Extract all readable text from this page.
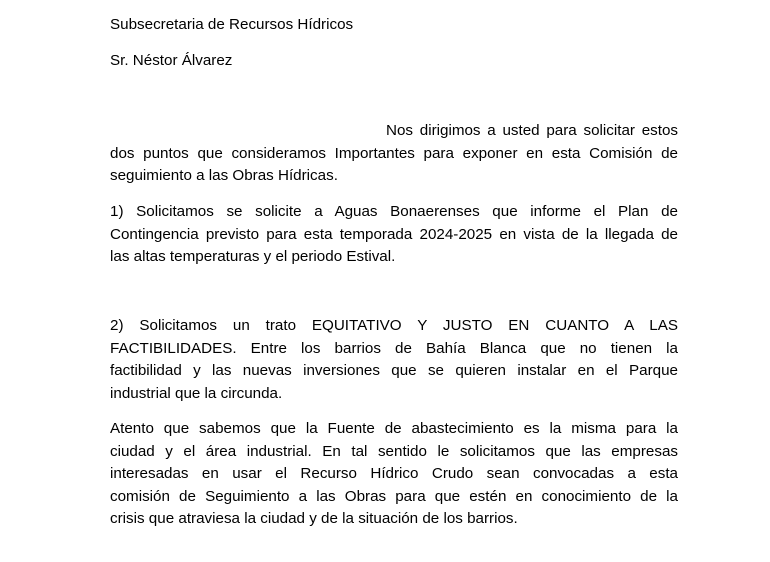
Subsecretaria de Recursos Hídricos
Sr. Néstor Álvarez
Nos dirigimos a usted para solicitar estos
dos puntos que consideramos Importantes para exponer en esta Comisión de
seguimiento a las Obras Hídricas.
1) Solicitamos se solicite a Aguas Bonaerenses que informe el Plan de
Contingencia previsto para esta temporada 2024-2025 en vista de la llegada de
las altas temperaturas y el periodo Estival.
2) Solicitamos un trato EQUITATIVO Y JUSTO EN CUANTO A LAS
FACTIBILIDADES. Entre los barrios de Bahía Blanca que no tienen la
factibilidad y las nuevas inversiones que se quieren instalar en el Parque
industrial que la circunda.
Atento que sabemos que la Fuente de abastecimiento es la misma para la
ciudad y el área industrial. En tal sentido le solicitamos que las empresas
interesadas en usar el Recurso Hídrico Crudo sean convocadas a esta
comisión de Seguimiento a las Obras para que estén en conocimiento de la
crisis que atraviesa la ciudad y de la situación de los barrios.
